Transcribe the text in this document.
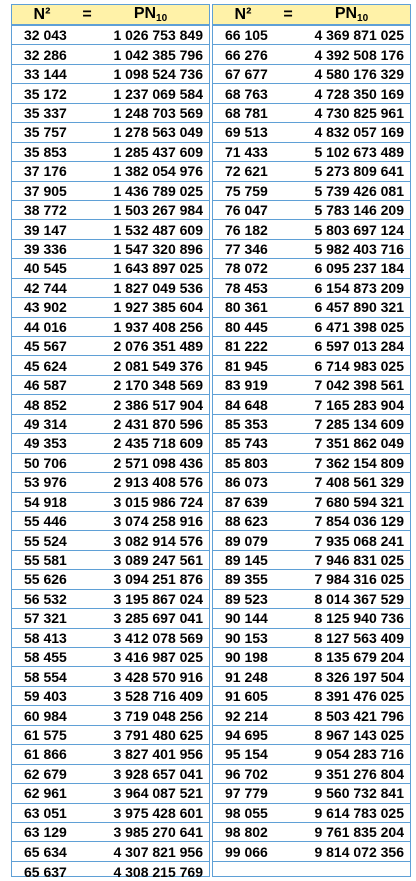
N²	=	$PN_{10}$
32 043	1 026 753 849
32 286	1 042 385 796
33 144	1 098 524 736
35 172	1 237 069 584
35 337	1 248 703 569
35 757	1 278 563 049
35 853	1 285 437 609
37 176	1 382 054 976
37 905	1 436 789 025
38 772	1 503 267 984
39 147	1 532 487 609
39 336	1 547 320 896
40 545	1 643 897 025
42 744	1 827 049 536
43 902	1 927 385 604
44 016	1 937 408 256
45 567	2 076 351 489
45 624	2 081 549 376
46 587	2 170 348 569
48 852	2 386 517 904
49 314	2 431 870 596
49 353	2 435 718 609
50 706	2 571 098 436
53 976	2 913 408 576
54 918	3 015 986 724
55 446	3 074 258 916
55 524	3 082 914 576
55 581	3 089 247 561
55 626	3 094 251 876
56 532	3 195 867 024
57 321	3 285 697 041
58 413	3 412 078 569
58 455	3 416 987 025
58 554	3 428 570 916
59 403	3 528 716 409
60 984	3 719 048 256
61 575	3 791 480 625
61 866	3 827 401 956
62 679	3 928 657 041
62 961	3 964 087 521
63 051	3 975 428 601
63 129	3 985 270 641
65 634	4 307 821 956
65 637	4 308 215 769
N²	=	$PN_{10}$
66 105	4 369 871 025
66 276	4 392 508 176
67 677	4 580 176 329
68 763	4 728 350 169
68 781	4 730 825 961
69 513	4 832 057 169
71 433	5 102 673 489
72 621	5 273 809 641
75 759	5 739 426 081
76 047	5 783 146 209
76 182	5 803 697 124
77 346	5 982 403 716
78 072	6 095 237 184
78 453	6 154 873 209
80 361	6 457 890 321
80 445	6 471 398 025
81 222	6 597 013 284
81 945	6 714 983 025
83 919	7 042 398 561
84 648	7 165 283 904
85 353	7 285 134 609
85 743	7 351 862 049
85 803	7 362 154 809
86 073	7 408 561 329
87 639	7 680 594 321
88 623	7 854 036 129
89 079	7 935 068 241
89 145	7 946 831 025
89 355	7 984 316 025
89 523	8 014 367 529
90 144	8 125 940 736
90 153	8 127 563 409
90 198	8 135 679 204
91 248	8 326 197 504
91 605	8 391 476 025
92 214	8 503 421 796
94 695	8 967 143 025
95 154	9 054 283 716
96 702	9 351 276 804
97 779	9 560 732 841
98 055	9 614 783 025
98 802	9 761 835 204
99 066	9 814 072 356
